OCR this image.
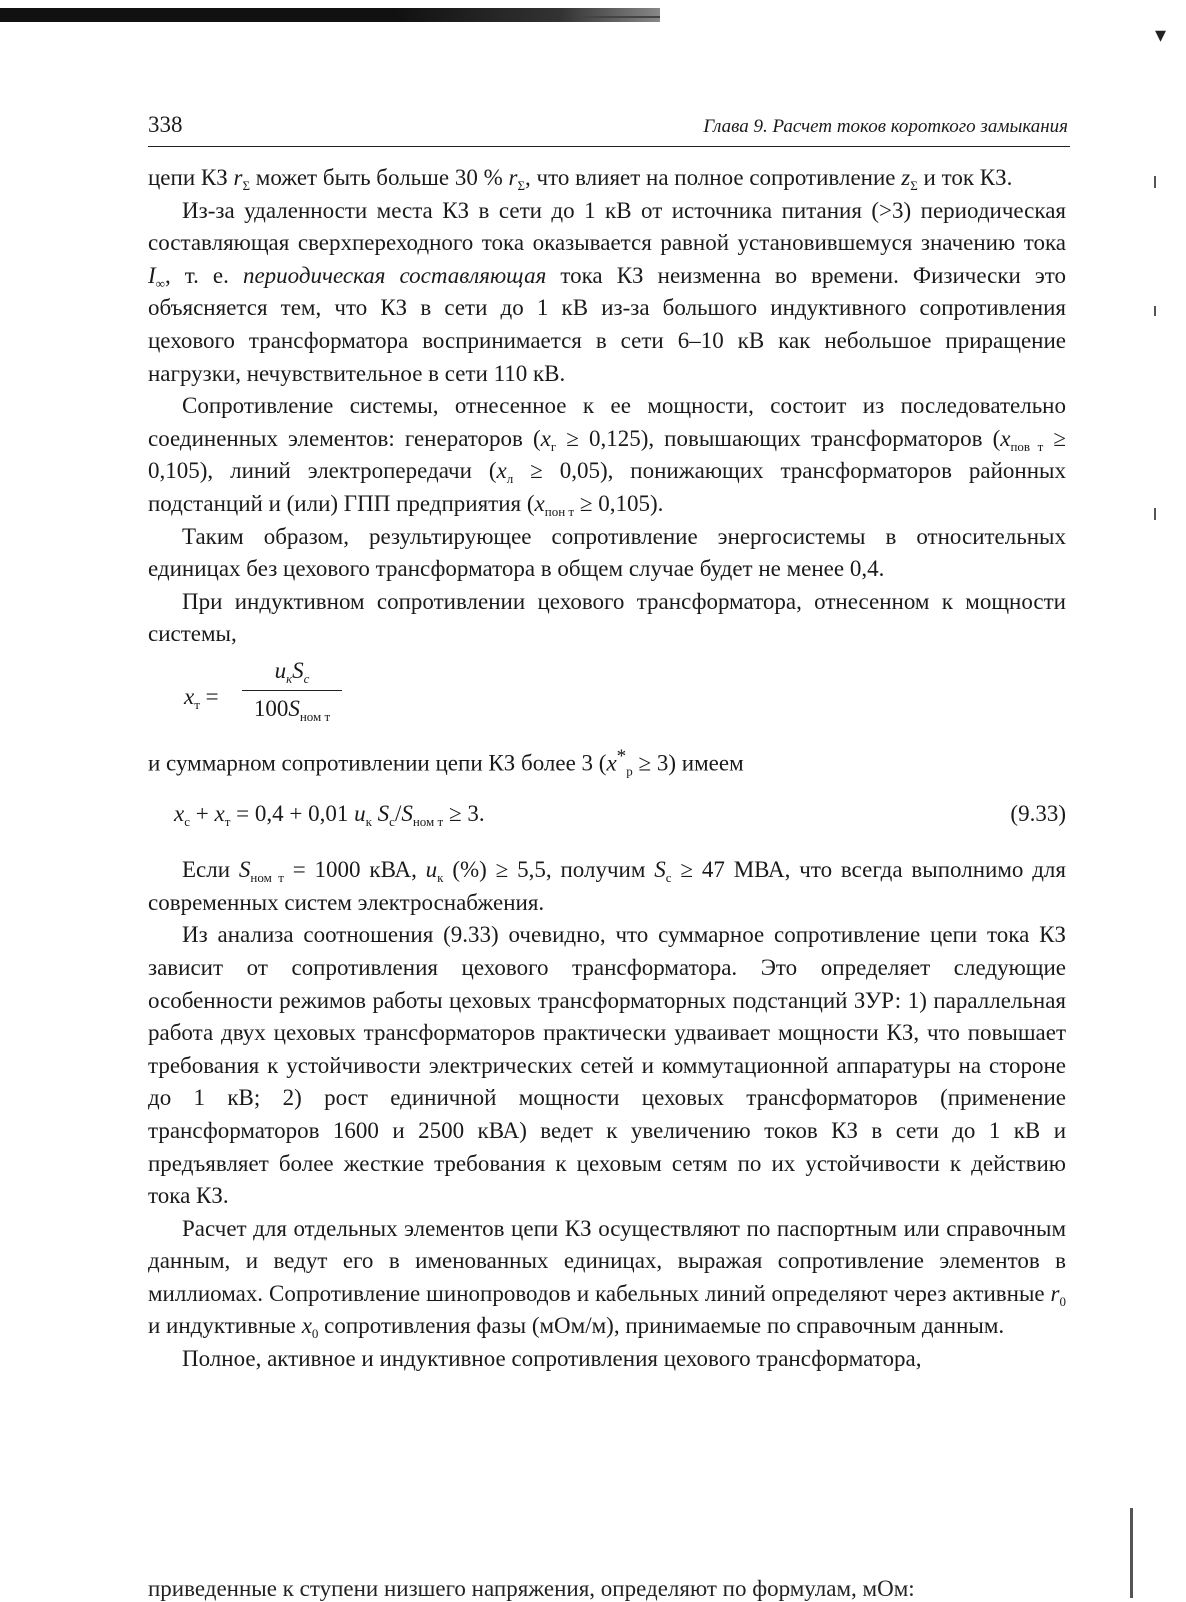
▾
338	Глава 9. Расчет токов короткого замыкания

цепи КЗ $r_\Sigma$ может быть больше 30 % $r_\Sigma$, что влияет на полное сопротивление $z_\Sigma$ и ток КЗ.

Из-за удаленности места КЗ в сети до 1 кВ от источника питания (>3) периодическая составляющая сверхпереходного тока оказывается равной установившемуся значению тока $I_\infty$, т. е. периодическая составляющая тока КЗ неизменна во времени. Физически это объясняется тем, что КЗ в сети до 1 кВ из-за большого индуктивного сопротивления цехового трансформатора воспринимается в сети 6–10 кВ как небольшое приращение нагрузки, нечувствительное в сети 110 кВ.

Сопротивление системы, отнесенное к ее мощности, состоит из последовательно соединенных элементов: генераторов $(x_г \ge 0,125)$, повышающих трансформаторов $(x_{пов т} \ge 0,105)$, линий электропередачи $(x_л \ge 0,05)$, понижающих трансформаторов районных подстанций и (или) ГПП предприятия $(x_{пон т} \ge 0,105)$.

Таким образом, результирующее сопротивление энергосистемы в относительных единицах без цехового трансформатора в общем случае будет не менее 0,4.

При индуктивном сопротивлении цехового трансформатора, отнесенном к мощности системы,

$x_т$ =
$u_кS_с$
$100S_{ном т}$

и суммарном сопротивлении цепи КЗ более 3 $(x^*_р \ge 3)$ имеем

$x_с + x_т = 0,4 + 0,01$ $u_к$ $S_с/S_{ном т} \ge 3$.	(9.33)

Если $S_{ном т} = 1000$ кВА, $u_к$ (%) ≥ 5,5, получим $S_с \ge 47$ МВА, что всегда выполнимо для современных систем электроснабжения.

Из анализа соотношения (9.33) очевидно, что суммарное сопротивление цепи тока КЗ зависит от сопротивления цехового трансформатора. Это определяет следующие особенности режимов работы цеховых трансформаторных подстанций ЗУР: 1) параллельная работа двух цеховых трансформаторов практически удваивает мощности КЗ, что повышает требования к устойчивости электрических сетей и коммутационной аппаратуры на стороне до 1 кВ; 2) рост единичной мощности цеховых трансформаторов (применение трансформаторов 1600 и 2500 кВА) ведет к увеличению токов КЗ в сети до 1 кВ и предъявляет более жесткие требования к цеховым сетям по их устойчивости к действию тока КЗ.

Расчет для отдельных элементов цепи КЗ осуществляют по паспортным или справочным данным, и ведут его в именованных единицах, выражая сопротивление элементов в миллиомах. Сопротивление шинопроводов и кабельных линий определяют через активные $r_0$ и индуктивные $x_0$ сопротивления фазы (мОм/м), принимаемые по справочным данным.

Полное, активное и индуктивное сопротивления цехового трансформатора,

приведенные к ступени низшего напряжения, определяют по формулам, мОм:
